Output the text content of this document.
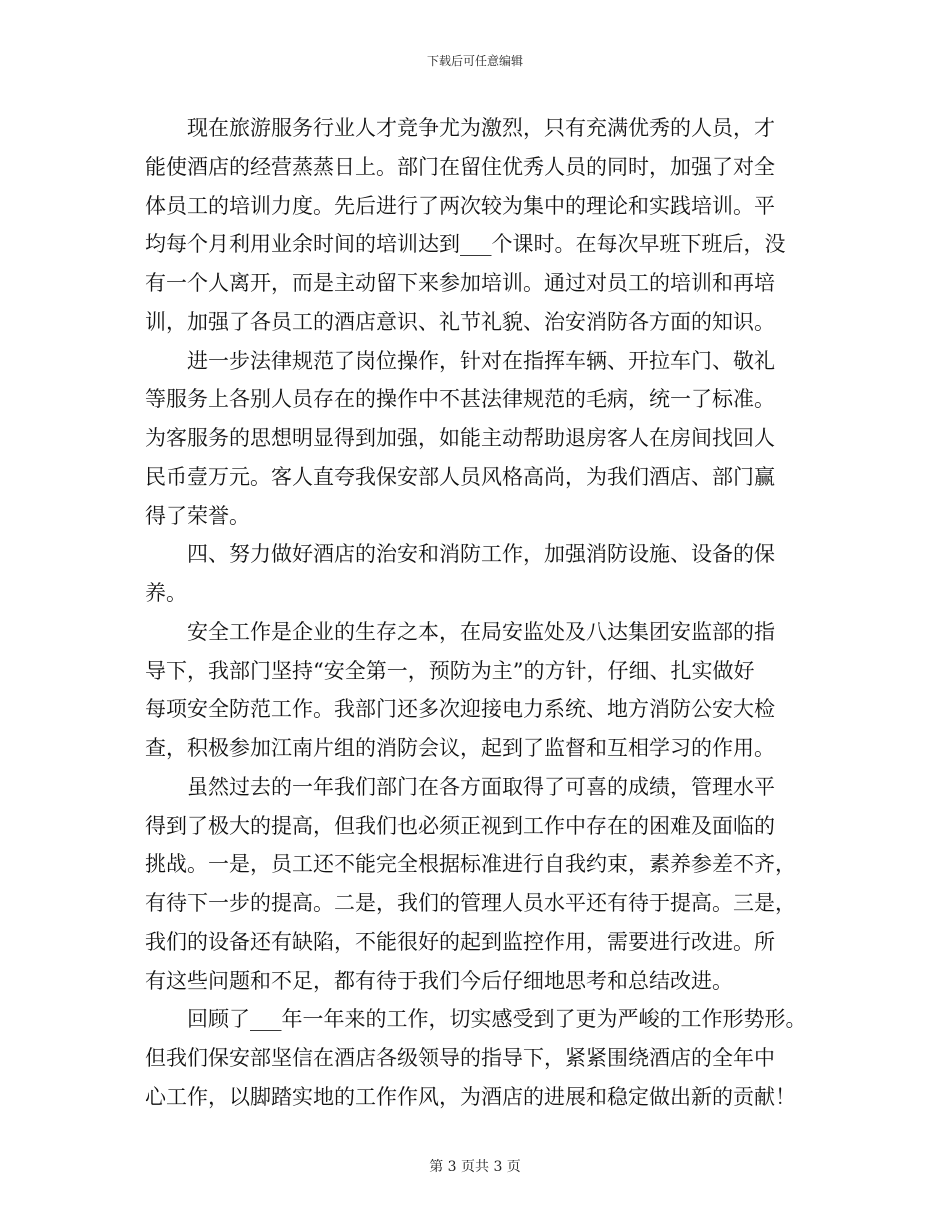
下载后可任意编辑
现在旅游服务行业人才竞争尤为激烈，只有充满优秀的人员，才
能使酒店的经营蒸蒸日上。部门在留住优秀人员的同时，加强了对全
体员工的培训力度。先后进行了两次较为集中的理论和实践培训。平
均每个月利用业余时间的培训达到___个课时。在每次早班下班后，没
有一个人离开，而是主动留下来参加培训。通过对员工的培训和再培
训，加强了各员工的酒店意识、礼节礼貌、治安消防各方面的知识。
进一步法律规范了岗位操作，针对在指挥车辆、开拉车门、敬礼
等服务上各别人员存在的操作中不甚法律规范的毛病，统一了标准。
为客服务的思想明显得到加强，如能主动帮助退房客人在房间找回人
民币壹万元。客人直夸我保安部人员风格高尚，为我们酒店、部门赢
得了荣誉。
四、努力做好酒店的治安和消防工作，加强消防设施、设备的保
养。
安全工作是企业的生存之本，在局安监处及八达集团安监部的指
导下，我部门坚持“安全第一，预防为主”的方针，仔细、扎实做好
每项安全防范工作。我部门还多次迎接电力系统、地方消防公安大检
查，积极参加江南片组的消防会议，起到了监督和互相学习的作用。
虽然过去的一年我们部门在各方面取得了可喜的成绩，管理水平
得到了极大的提高，但我们也必须正视到工作中存在的困难及面临的
挑战。一是，员工还不能完全根据标准进行自我约束，素养参差不齐，
有待下一步的提高。二是，我们的管理人员水平还有待于提高。三是，
我们的设备还有缺陷，不能很好的起到监控作用，需要进行改进。所
有这些问题和不足，都有待于我们今后仔细地思考和总结改进。
回顾了___年一年来的工作，切实感受到了更为严峻的工作形势形。
但我们保安部坚信在酒店各级领导的指导下，紧紧围绕酒店的全年中
心工作，以脚踏实地的工作作风，为酒店的进展和稳定做出新的贡献！
第 3 页共 3 页
